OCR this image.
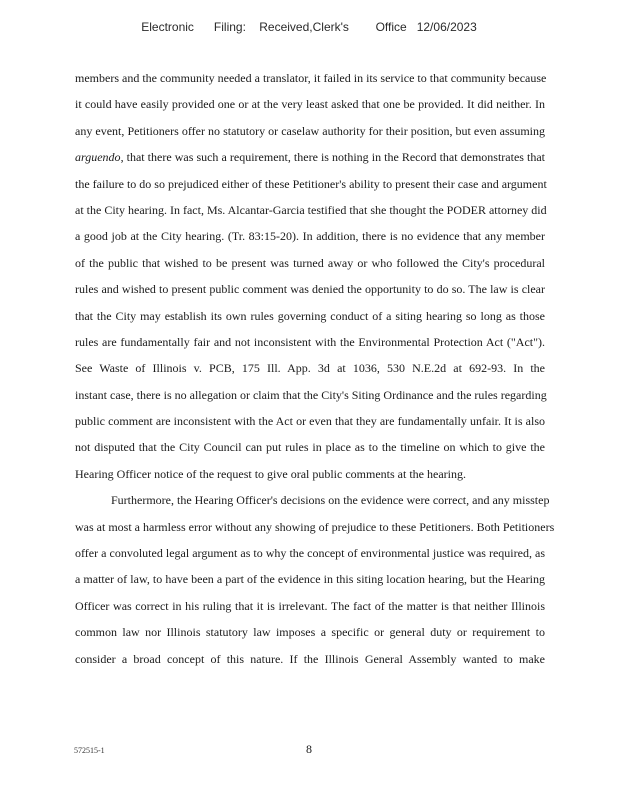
Electronic      Filing:    Received,Clerk's        Office   12/06/2023
members and the community needed a translator, it failed in its service to that community because
it could have easily provided one or at the very least asked that one be provided. It did neither. In
any event, Petitioners offer no statutory or caselaw authority for their position, but even assuming
arguendo, that there was such a requirement, there is nothing in the Record that demonstrates that
the failure to do so prejudiced either of these Petitioner's ability to present their case and argument
at the City hearing. In fact, Ms. Alcantar-Garcia testified that she thought the PODER attorney did
a good job at the City hearing. (Tr. 83:15-20). In addition, there is no evidence that any member
of the public that wished to be present was turned away or who followed the City's procedural
rules and wished to present public comment was denied the opportunity to do so. The law is clear
that the City may establish its own rules governing conduct of a siting hearing so long as those
rules are fundamentally fair and not inconsistent with the Environmental Protection Act ("Act").
See Waste of Illinois v. PCB, 175 Ill. App. 3d at 1036, 530 N.E.2d at 692-93. In the
instant case, there is no allegation or claim that the City's Siting Ordinance and the rules regarding
public comment are inconsistent with the Act or even that they are fundamentally unfair. It is also
not disputed that the City Council can put rules in place as to the timeline on which to give the
Hearing Officer notice of the request to give oral public comments at the hearing.
Furthermore, the Hearing Officer's decisions on the evidence were correct, and any misstep
was at most a harmless error without any showing of prejudice to these Petitioners. Both Petitioners
offer a convoluted legal argument as to why the concept of environmental justice was required, as
a matter of law, to have been a part of the evidence in this siting location hearing, but the Hearing
Officer was correct in his ruling that it is irrelevant. The fact of the matter is that neither Illinois
common law nor Illinois statutory law imposes a specific or general duty or requirement to
consider a broad concept of this nature. If the Illinois General Assembly wanted to make
572515-1	8
